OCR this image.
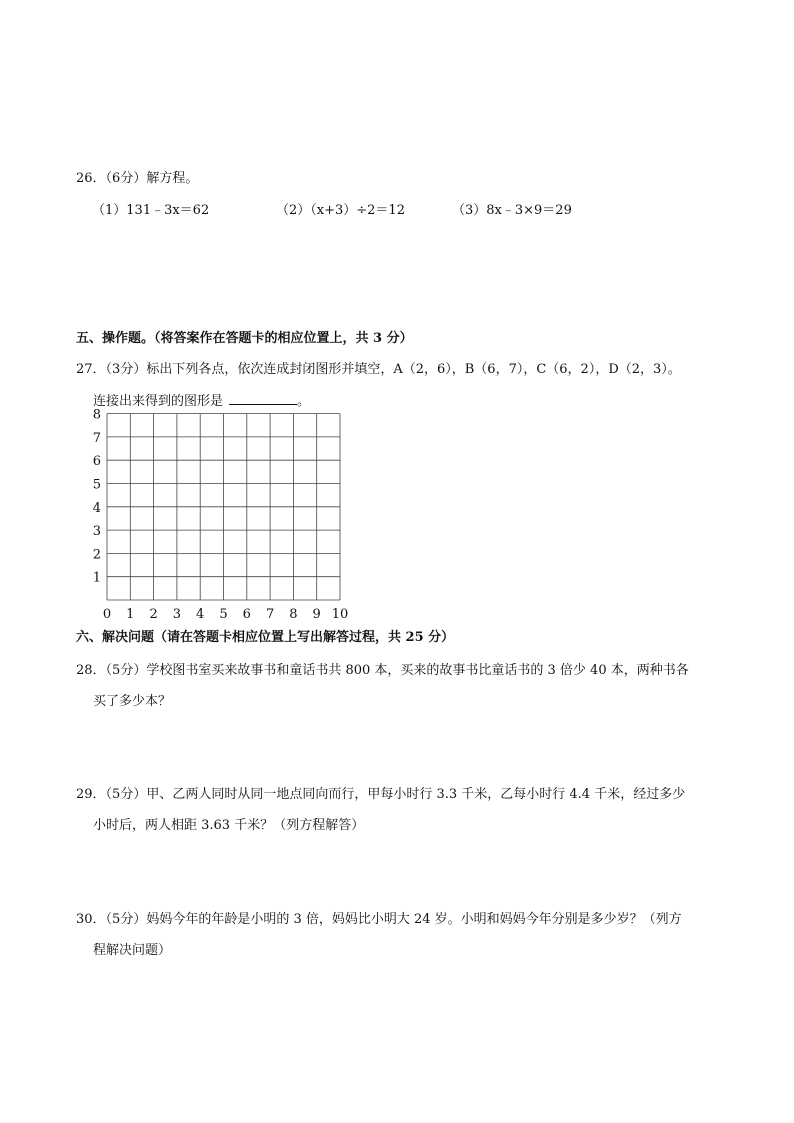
26．（6分）解方程。
（1）131﹣3x＝62	（2）（x+3）÷2＝12	（3）8x﹣3×9＝29
五、操作题。（将答案作在答题卡的相应位置上，共 3 分）
27．（3分）标出下列各点，依次连成封闭图形并填空，A（2，6），B（6，7），C（6，2），D（2，3）。
连接出来得到的图形是	。
1
2
3
4
5
6
7
8
0 1 2 3 4 5 6 7 8 9 10
六、解决问题（请在答题卡相应位置上写出解答过程，共 25 分）
28．（5分）学校图书室买来故事书和童话书共 800 本，买来的故事书比童话书的 3 倍少 40 本，两种书各
买了多少本？
29．（5分）甲、乙两人同时从同一地点同向而行，甲每小时行 3.3 千米，乙每小时行 4.4 千米，经过多少
小时后，两人相距 3.63 千米？（列方程解答）
30．（5分）妈妈今年的年龄是小明的 3 倍，妈妈比小明大 24 岁。小明和妈妈今年分别是多少岁？（列方
程解决问题）
